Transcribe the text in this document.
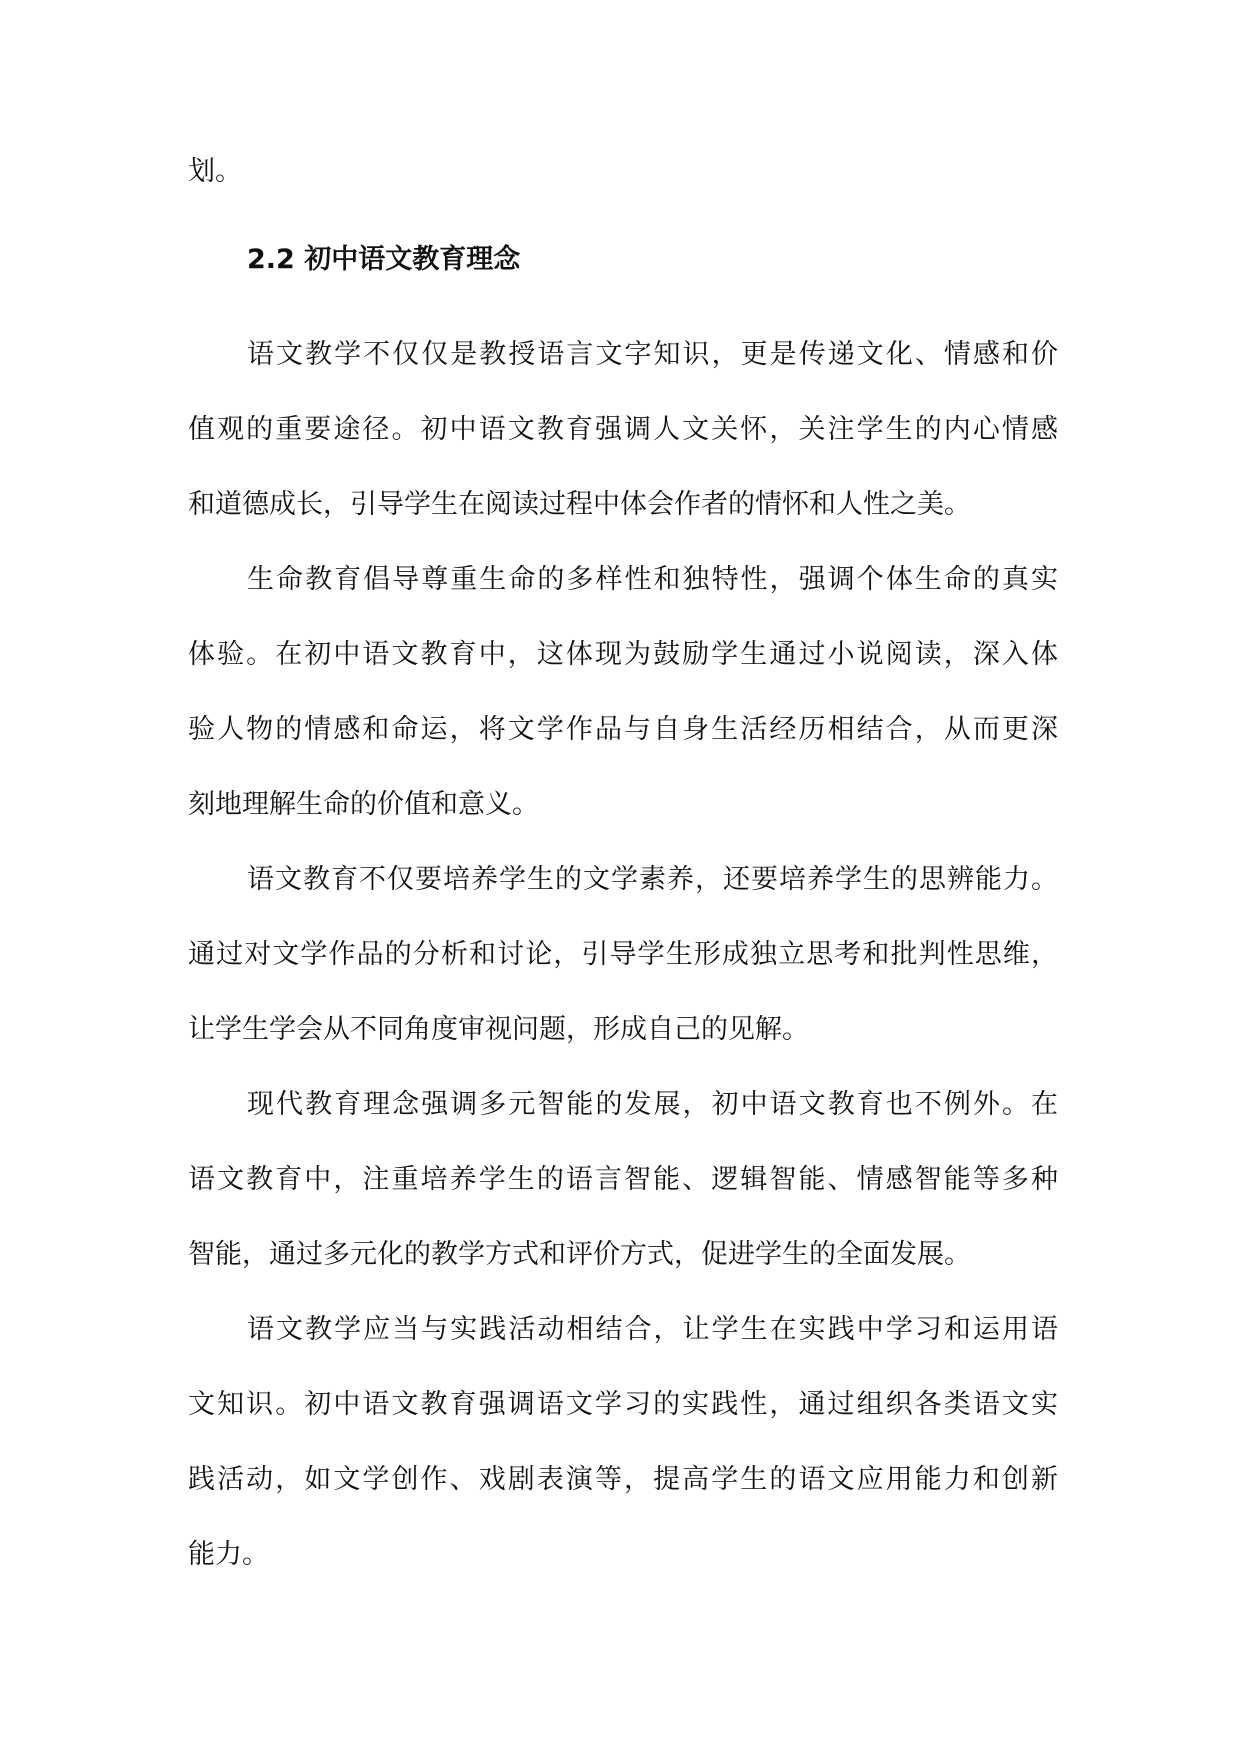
划。
2.2 初中语文教育理念
语文教学不仅仅是教授语言文字知识，更是传递文化、情感和价
值观的重要途径。初中语文教育强调人文关怀，关注学生的内心情感
和道德成长，引导学生在阅读过程中体会作者的情怀和人性之美。
生命教育倡导尊重生命的多样性和独特性，强调个体生命的真实
体验。在初中语文教育中，这体现为鼓励学生通过小说阅读，深入体
验人物的情感和命运，将文学作品与自身生活经历相结合，从而更深
刻地理解生命的价值和意义。
语文教育不仅要培养学生的文学素养，还要培养学生的思辨能力。
通过对文学作品的分析和讨论，引导学生形成独立思考和批判性思维，
让学生学会从不同角度审视问题，形成自己的见解。
现代教育理念强调多元智能的发展，初中语文教育也不例外。在
语文教育中，注重培养学生的语言智能、逻辑智能、情感智能等多种
智能，通过多元化的教学方式和评价方式，促进学生的全面发展。
语文教学应当与实践活动相结合，让学生在实践中学习和运用语
文知识。初中语文教育强调语文学习的实践性，通过组织各类语文实
践活动，如文学创作、戏剧表演等，提高学生的语文应用能力和创新
能力。
